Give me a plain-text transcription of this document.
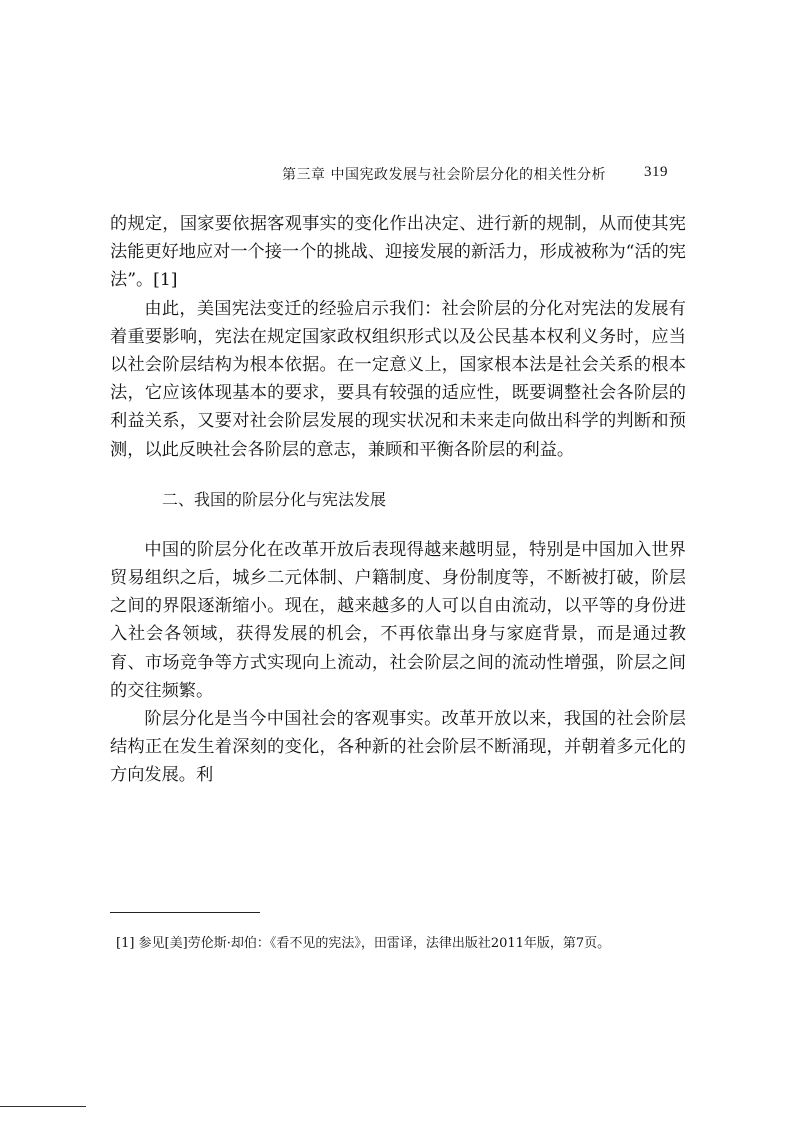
第三章 中国宪政发展与社会阶层分化的相关性分析	319

的规定，国家要依据客观事实的变化作出决定、进行新的规制，从而使其宪法能更好地应对一个接一个的挑战、迎接发展的新活力，形成被称为“活的宪法”。[1]

由此，美国宪法变迁的经验启示我们：社会阶层的分化对宪法的发展有着重要影响，宪法在规定国家政权组织形式以及公民基本权利义务时，应当以社会阶层结构为根本依据。在一定意义上，国家根本法是社会关系的根本法，它应该体现基本的要求，要具有较强的适应性，既要调整社会各阶层的利益关系，又要对社会阶层发展的现实状况和未来走向做出科学的判断和预测，以此反映社会各阶层的意志，兼顾和平衡各阶层的利益。

二、我国的阶层分化与宪法发展

中国的阶层分化在改革开放后表现得越来越明显，特别是中国加入世界贸易组织之后，城乡二元体制、户籍制度、身份制度等，不断被打破，阶层之间的界限逐渐缩小。现在，越来越多的人可以自由流动，以平等的身份进入社会各领域，获得发展的机会，不再依靠出身与家庭背景，而是通过教育、市场竞争等方式实现向上流动，社会阶层之间的流动性增强，阶层之间的交往频繁。

阶层分化是当今中国社会的客观事实。改革开放以来，我国的社会阶层结构正在发生着深刻的变化，各种新的社会阶层不断涌现，并朝着多元化的方向发展。利

[1] 参见[美]劳伦斯·却伯：《看不见的宪法》，田雷译，法律出版社2011年版，第7页。
